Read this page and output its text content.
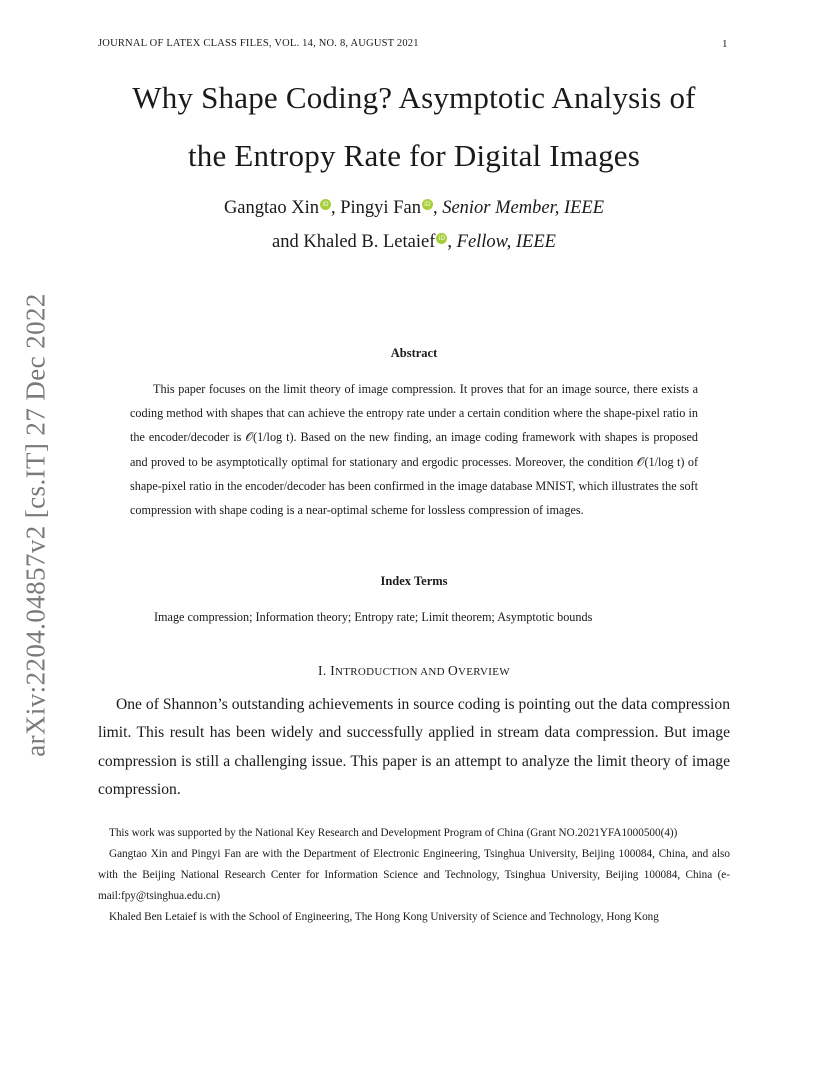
JOURNAL OF LATEX CLASS FILES, VOL. 14, NO. 8, AUGUST 2021	1
arXiv:2204.04857v2 [cs.IT] 27 Dec 2022
Why Shape Coding? Asymptotic Analysis of
the Entropy Rate for Digital Images
Gangtao Xin iD , Pingyi Fan iD , Senior Member, IEEE
and Khaled B. Letaief iD , Fellow, IEEE
Abstract
This paper focuses on the limit theory of image compression. It proves that for an image source, there exists a coding method with shapes that can achieve the entropy rate under a certain condition where the shape-pixel ratio in the encoder/decoder is 𝒪(1/log t). Based on the new finding, an image coding framework with shapes is proposed and proved to be asymptotically optimal for stationary and ergodic processes. Moreover, the condition 𝒪(1/log t) of shape-pixel ratio in the encoder/decoder has been confirmed in the image database MNIST, which illustrates the soft compression with shape coding is a near-optimal scheme for lossless compression of images.
Index Terms
Image compression; Information theory; Entropy rate; Limit theorem; Asymptotic bounds
I. INTRODUCTION AND OVERVIEW
One of Shannon’s outstanding achievements in source coding is pointing out the data compression limit. This result has been widely and successfully applied in stream data compression. But image compression is still a challenging issue. This paper is an attempt to analyze the limit theory of image compression.

This work was supported by the National Key Research and Development Program of China (Grant NO.2021YFA1000500(4))

Gangtao Xin and Pingyi Fan are with the Department of Electronic Engineering, Tsinghua University, Beijing 100084, China, and also with the Beijing National Research Center for Information Science and Technology, Tsinghua University, Beijing 100084, China (e-mail:fpy@tsinghua.edu.cn)

Khaled Ben Letaief is with the School of Engineering, The Hong Kong University of Science and Technology, Hong Kong
